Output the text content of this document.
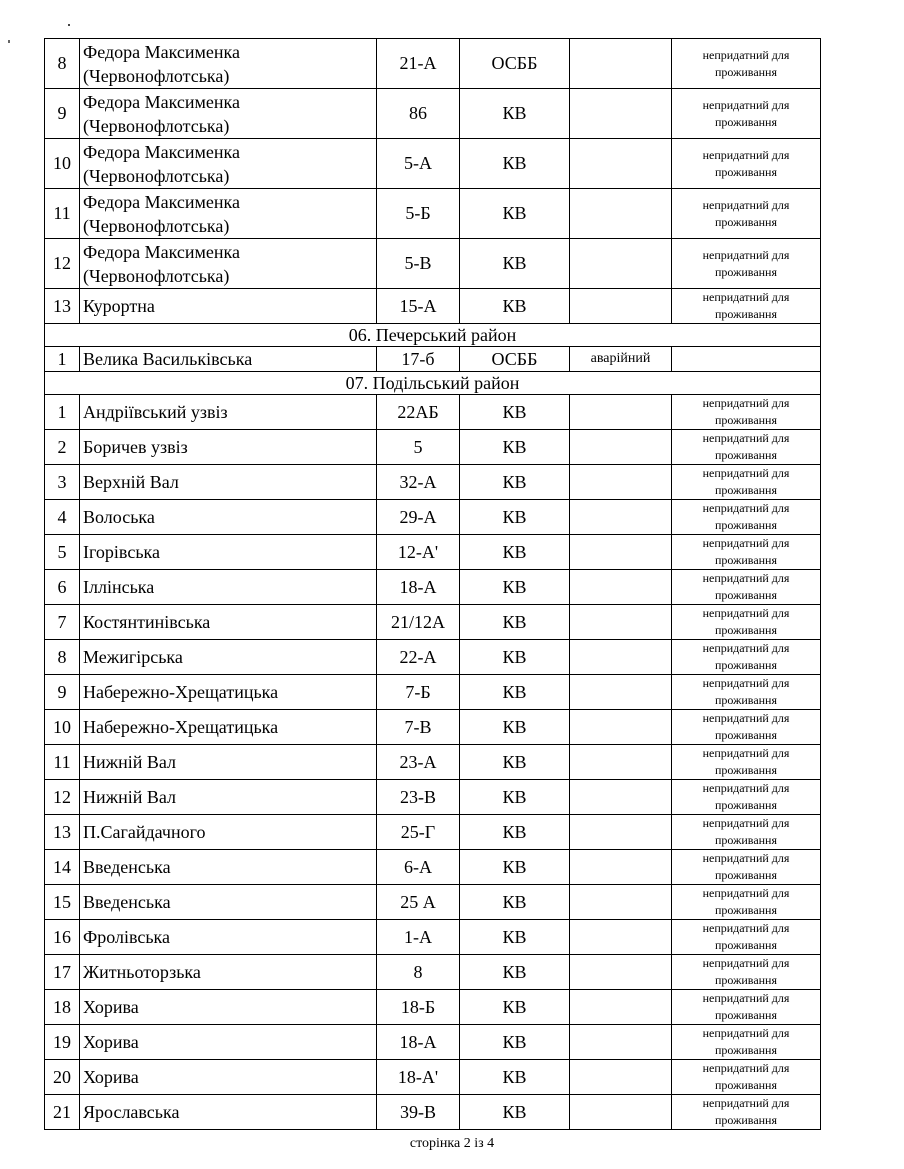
8	Федора Максименка
(Червонофлотська)	21-А	ОСББ		непридатний для
проживання

9	Федора Максименка
(Червонофлотська)	86	КВ		непридатний для
проживання

10	Федора Максименка
(Червонофлотська)	5-А	КВ		непридатний для
проживання

11	Федора Максименка
(Червонофлотська)	5-Б	КВ		непридатний для
проживання

12	Федора Максименка
(Червонофлотська)	5-В	КВ		непридатний для
проживання

13	Курортна	15-А	КВ		непридатний для
проживання

06. Печерський район					
1	Велика Васильківська	17-б	ОСББ	аварійний	
07. Подільський район					
1	Андріївський узвіз	22АБ	КВ		непридатний для
проживання

2	Боричев узвіз	5	КВ		непридатний для
проживання

3	Верхній Вал	32-А	КВ		непридатний для
проживання

4	Волоська	29-А	КВ		непридатний для
проживання

5	Ігорівська	12-А'	КВ		непридатний для
проживання

6	Іллінська	18-А	КВ		непридатний для
проживання

7	Костянтинівська	21/12А	КВ		непридатний для
проживання

8	Межигірська	22-А	КВ		непридатний для
проживання

9	Набережно-Хрещатицька	7-Б	КВ		непридатний для
проживання

10	Набережно-Хрещатицька	7-В	КВ		непридатний для
проживання

11	Нижній Вал	23-А	КВ		непридатний для
проживання

12	Нижній Вал	23-В	КВ		непридатний для
проживання

13	П.Сагайдачного	25-Г	КВ		непридатний для
проживання

14	Введенська	6-А	КВ		непридатний для
проживання

15	Введенська	25 А	КВ		непридатний для
проживання

16	Фролівська	1-А	КВ		непридатний для
проживання

17	Житньоторзька	8	КВ		непридатний для
проживання

18	Хорива	18-Б	КВ		непридатний для
проживання

19	Хорива	18-А	КВ		непридатний для
проживання

20	Хорива	18-А'	КВ		непридатний для
проживання

21	Ярославська	39-В	КВ		непридатний для
проживання
сторінка 2 із 4
